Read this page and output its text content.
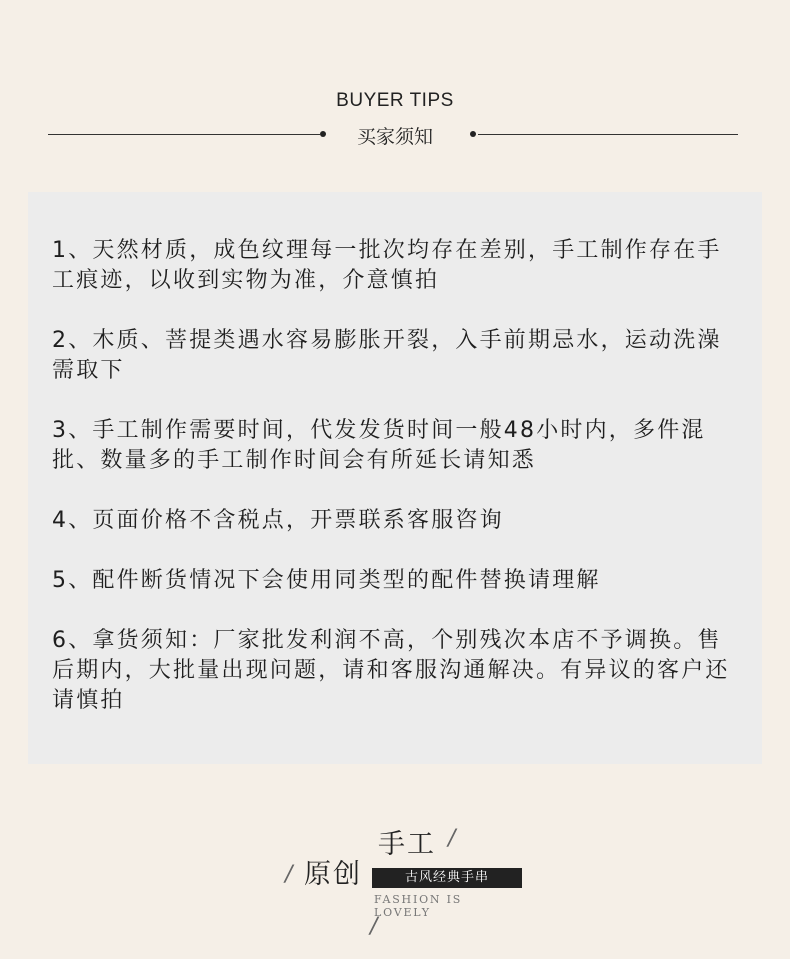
BUYER TIPS
买家须知
1、天然材质，成色纹理每一批次均存在差别，手工制作存在手工痕迹，以收到实物为准，介意慎拍
2、木质、菩提类遇水容易膨胀开裂，入手前期忌水，运动洗澡需取下
3、手工制作需要时间，代发发货时间一般48小时内，多件混批、数量多的手工制作时间会有所延长请知悉
4、页面价格不含税点，开票联系客服咨询
5、配件断货情况下会使用同类型的配件替换请理解
6、拿货须知：厂家批发利润不高，个别残次本店不予调换。售后期内，大批量出现问题，请和客服沟通解决。有异议的客户还请慎拍
手工 /
/ 原创	古风经典手串
FASHION IS LOVELY
/
